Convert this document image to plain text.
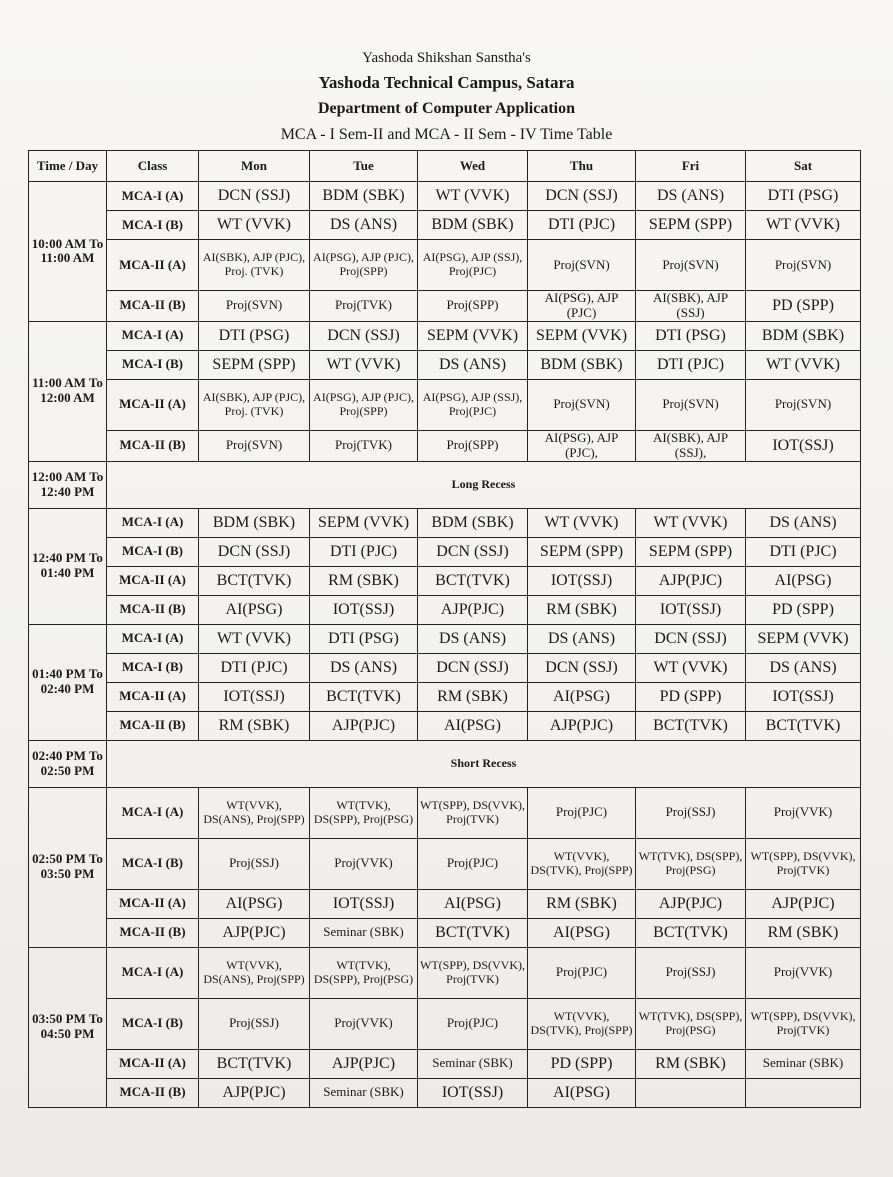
Yashoda Shikshan Sanstha's
Yashoda Technical Campus, Satara
Department of Computer Application
MCA - I Sem-II and MCA - II Sem - IV Time Table
Time / Day	Class	Mon	Tue	Wed	Thu	Fri	Sat
10:00 AM To 11:00 AM	MCA-I (A)	DCN (SSJ)	BDM (SBK)	WT (VVK)	DCN (SSJ)	DS (ANS)	DTI (PSG)
	MCA-I (B)	WT (VVK)	DS (ANS)	BDM (SBK)	DTI (PJC)	SEPM (SPP)	WT (VVK)
	MCA-II (A)	AI(SBK), AJP (PJC), Proj. (TVK)	AI(PSG), AJP (PJC), Proj(SPP)	AI(PSG), AJP (SSJ), Proj(PJC)	Proj(SVN)	Proj(SVN)	Proj(SVN)
	MCA-II (B)	Proj(SVN)	Proj(TVK)	Proj(SPP)	AI(PSG), AJP (PJC)	AI(SBK), AJP (SSJ)	PD (SPP)
11:00 AM To 12:00 AM	MCA-I (A)	DTI (PSG)	DCN (SSJ)	SEPM (VVK)	SEPM (VVK)	DTI (PSG)	BDM (SBK)
	MCA-I (B)	SEPM (SPP)	WT (VVK)	DS (ANS)	BDM (SBK)	DTI (PJC)	WT (VVK)
	MCA-II (A)	AI(SBK), AJP (PJC), Proj. (TVK)	AI(PSG), AJP (PJC), Proj(SPP)	AI(PSG), AJP (SSJ), Proj(PJC)	Proj(SVN)	Proj(SVN)	Proj(SVN)
	MCA-II (B)	Proj(SVN)	Proj(TVK)	Proj(SPP)	AI(PSG), AJP (PJC),	AI(SBK), AJP (SSJ),	IOT(SSJ)
12:00 AM To 12:40 PM	Long Recess						
12:40 PM To 01:40 PM	MCA-I (A)	BDM (SBK)	SEPM (VVK)	BDM (SBK)	WT (VVK)	WT (VVK)	DS (ANS)
	MCA-I (B)	DCN (SSJ)	DTI (PJC)	DCN (SSJ)	SEPM (SPP)	SEPM (SPP)	DTI (PJC)
	MCA-II (A)	BCT(TVK)	RM (SBK)	BCT(TVK)	IOT(SSJ)	AJP(PJC)	AI(PSG)
	MCA-II (B)	AI(PSG)	IOT(SSJ)	AJP(PJC)	RM (SBK)	IOT(SSJ)	PD (SPP)
01:40 PM To 02:40 PM	MCA-I (A)	WT (VVK)	DTI (PSG)	DS (ANS)	DS (ANS)	DCN (SSJ)	SEPM (VVK)
	MCA-I (B)	DTI (PJC)	DS (ANS)	DCN (SSJ)	DCN (SSJ)	WT (VVK)	DS (ANS)
	MCA-II (A)	IOT(SSJ)	BCT(TVK)	RM (SBK)	AI(PSG)	PD (SPP)	IOT(SSJ)
	MCA-II (B)	RM (SBK)	AJP(PJC)	AI(PSG)	AJP(PJC)	BCT(TVK)	BCT(TVK)
02:40 PM To 02:50 PM	Short Recess						
02:50 PM To 03:50 PM	MCA-I (A)	WT(VVK), DS(ANS), Proj(SPP)	WT(TVK), DS(SPP), Proj(PSG)	WT(SPP), DS(VVK), Proj(TVK)	Proj(PJC)	Proj(SSJ)	Proj(VVK)
	MCA-I (B)	Proj(SSJ)	Proj(VVK)	Proj(PJC)	WT(VVK), DS(TVK), Proj(SPP)	WT(TVK), DS(SPP), Proj(PSG)	WT(SPP), DS(VVK), Proj(TVK)
	MCA-II (A)	AI(PSG)	IOT(SSJ)	AI(PSG)	RM (SBK)	AJP(PJC)	AJP(PJC)
	MCA-II (B)	AJP(PJC)	Seminar (SBK)	BCT(TVK)	AI(PSG)	BCT(TVK)	RM (SBK)
03:50 PM To 04:50 PM	MCA-I (A)	WT(VVK), DS(ANS), Proj(SPP)	WT(TVK), DS(SPP), Proj(PSG)	WT(SPP), DS(VVK), Proj(TVK)	Proj(PJC)	Proj(SSJ)	Proj(VVK)
	MCA-I (B)	Proj(SSJ)	Proj(VVK)	Proj(PJC)	WT(VVK), DS(TVK), Proj(SPP)	WT(TVK), DS(SPP), Proj(PSG)	WT(SPP), DS(VVK), Proj(TVK)
	MCA-II (A)	BCT(TVK)	AJP(PJC)	Seminar (SBK)	PD (SPP)	RM (SBK)	Seminar (SBK)
	MCA-II (B)	AJP(PJC)	Seminar (SBK)	IOT(SSJ)	AI(PSG)		
